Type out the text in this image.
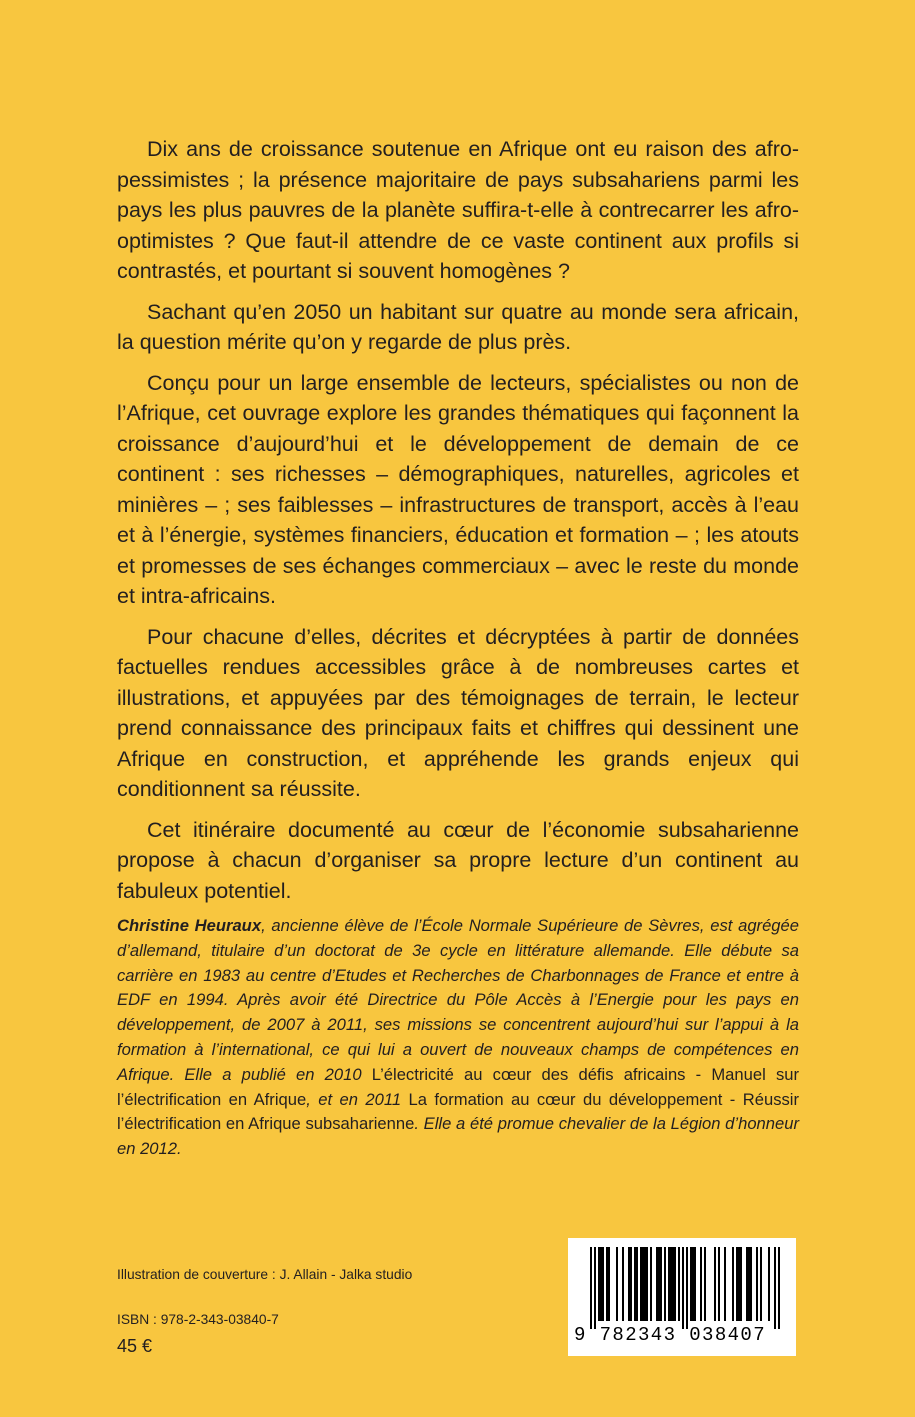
Dix ans de croissance soutenue en Afrique ont eu raison des afro-pessimistes ; la présence majoritaire de pays subsahariens parmi les pays les plus pauvres de la planète suffira-t-elle à contrecarrer les afro-optimistes ? Que faut-il attendre de ce vaste continent aux profils si contrastés, et pourtant si souvent homogènes ?

Sachant qu’en 2050 un habitant sur quatre au monde sera africain, la question mérite qu’on y regarde de plus près.

Conçu pour un large ensemble de lecteurs, spécialistes ou non de l’Afrique, cet ouvrage explore les grandes thématiques qui façonnent la croissance d’aujourd’hui et le développement de demain de ce continent : ses richesses – démographiques, naturelles, agricoles et minières – ; ses faiblesses – infrastructures de transport, accès à l’eau et à l’énergie, systèmes financiers, éducation et formation – ; les atouts et promesses de ses échanges commerciaux – avec le reste du monde et intra-africains.

Pour chacune d’elles, décrites et décryptées à partir de données factuelles rendues accessibles grâce à de nombreuses cartes et illustrations, et appuyées par des témoignages de terrain, le lecteur prend connaissance des principaux faits et chiffres qui dessinent une Afrique en construction, et appréhende les grands enjeux qui conditionnent sa réussite.

Cet itinéraire documenté au cœur de l’économie subsaharienne propose à chacun d’organiser sa propre lecture d’un continent au fabuleux potentiel.

Christine Heuraux, ancienne élève de l’École Normale Supérieure de Sèvres, est agrégée d’allemand, titulaire d’un doctorat de 3e cycle en littérature allemande. Elle débute sa carrière en 1983 au centre d’Etudes et Recherches de Charbonnages de France et entre à EDF en 1994. Après avoir été Directrice du Pôle Accès à l’Energie pour les pays en développement, de 2007 à 2011, ses missions se concentrent aujourd’hui sur l’appui à la formation à l’international, ce qui lui a ouvert de nouveaux champs de compétences en Afrique. Elle a publié en 2010 L’électricité au cœur des défis africains - Manuel sur l’électrification en Afrique, et en 2011 La formation au cœur du développement - Réussir l’électrification en Afrique subsaharienne. Elle a été promue chevalier de la Légion d’honneur en 2012.
Illustration de couverture : J. Allain - Jalka studio
ISBN : 978-2-343-03840-7
45 €	9 782343 038407
